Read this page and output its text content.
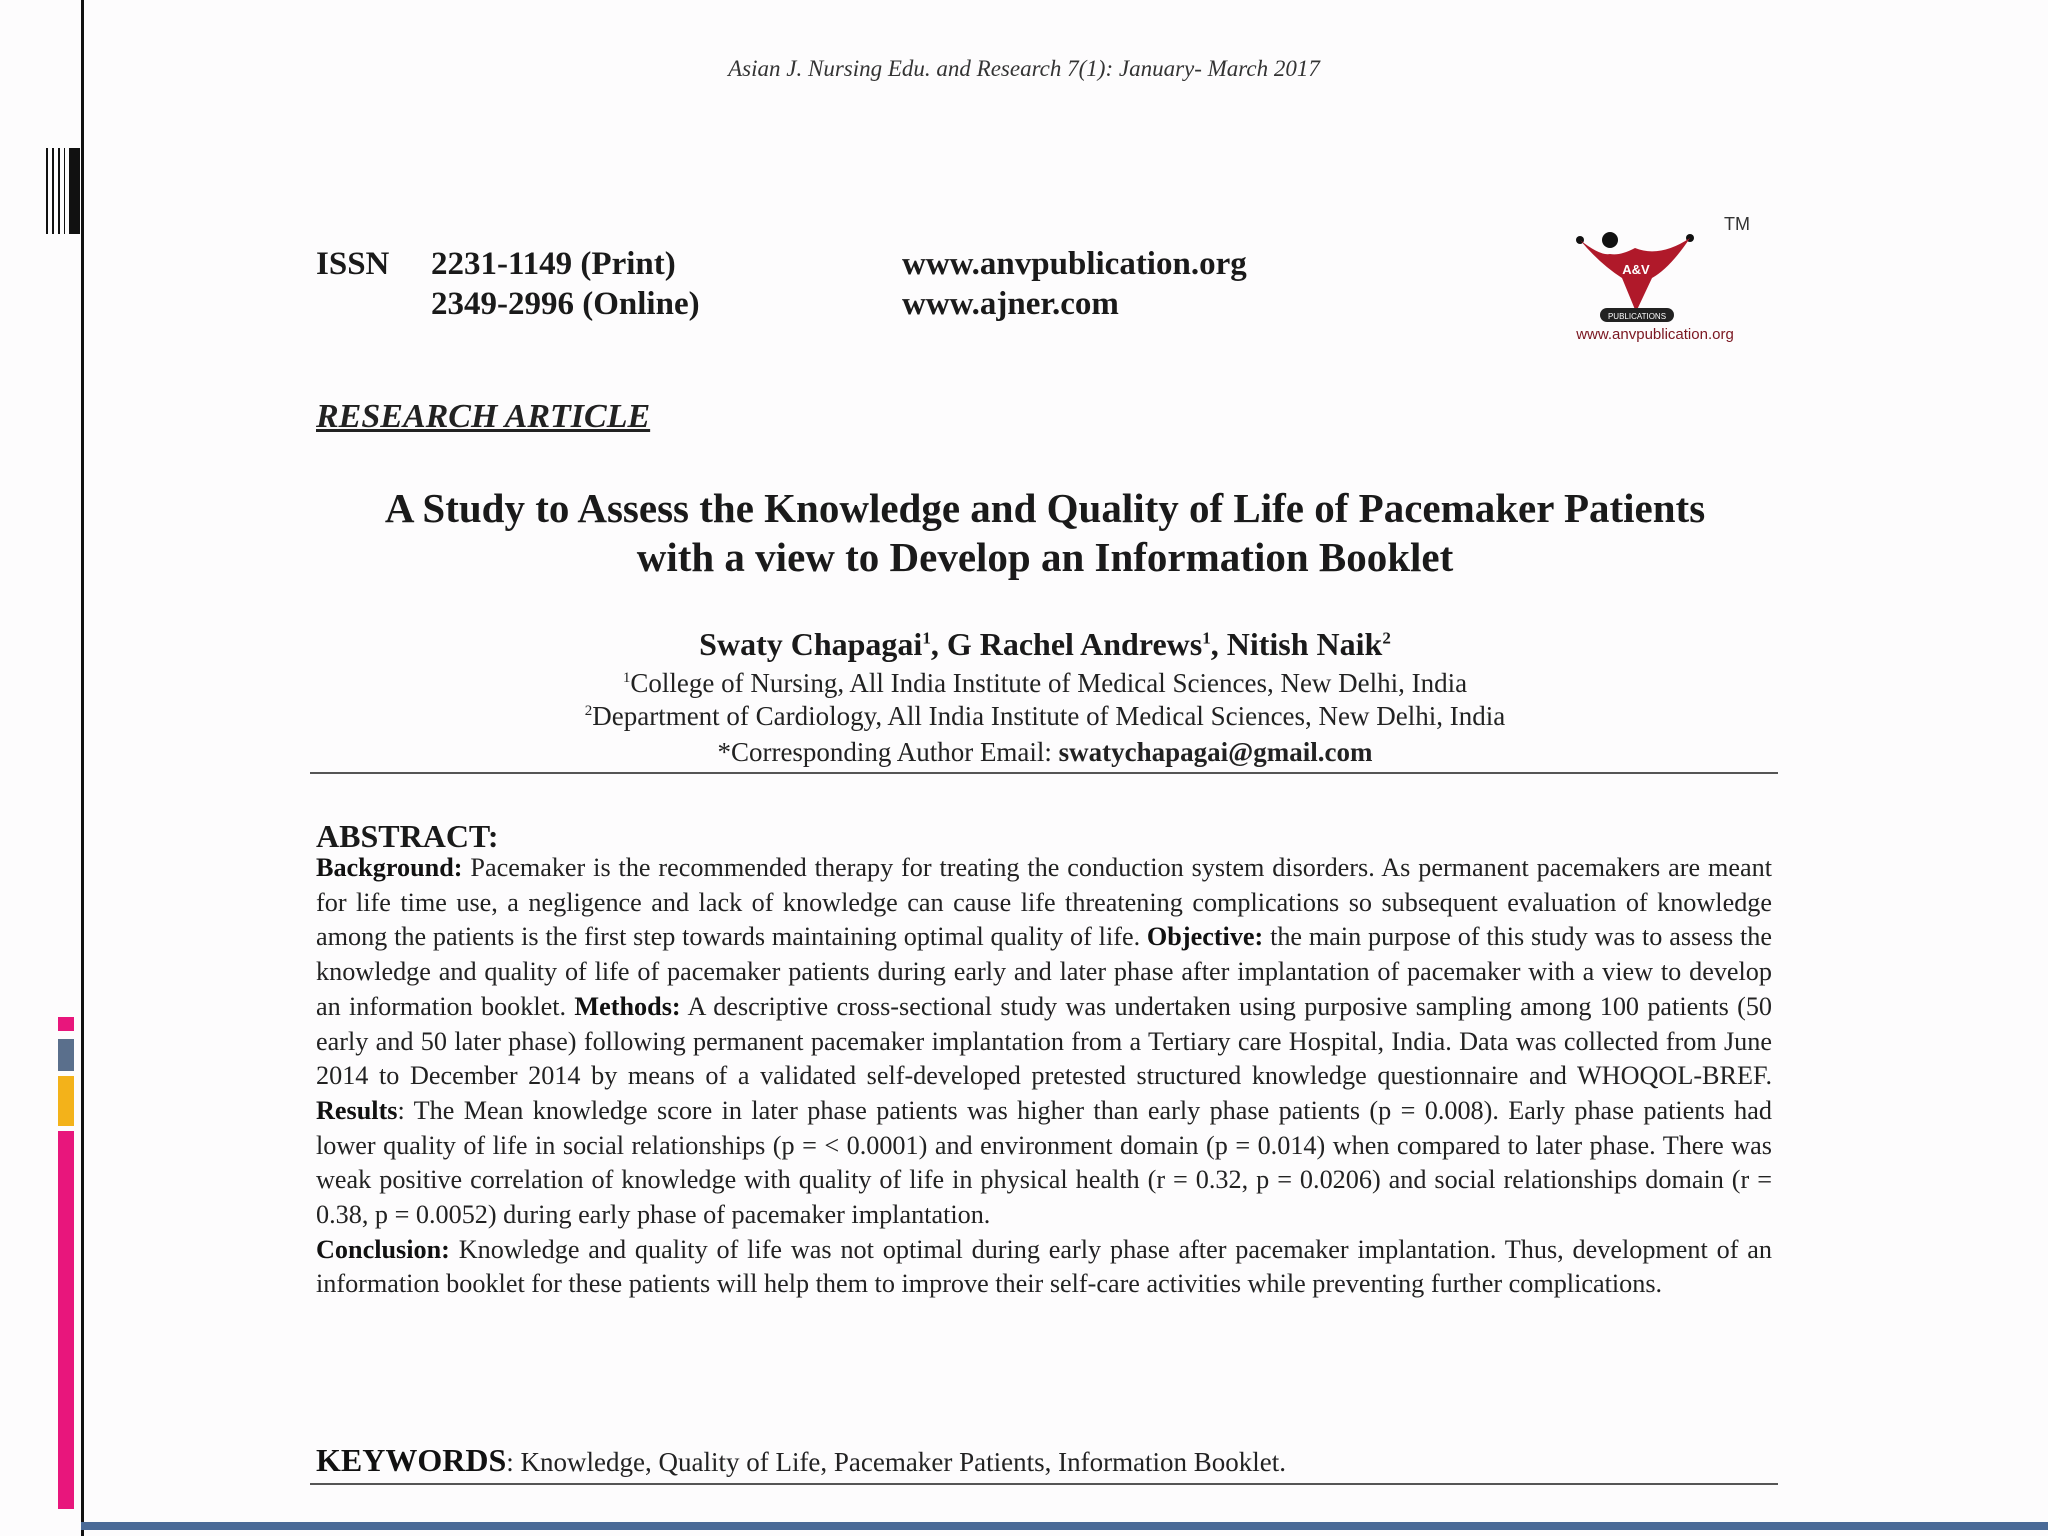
Asian J. Nursing Edu. and Research 7(1): January- March 2017
ISSN 2231-1149 (Print)
2349-2996 (Online)
www.anvpublication.org
www.ajner.com
TM
A&V
PUBLICATIONS
www.anvpublication.org
RESEARCH ARTICLE
A Study to Assess the Knowledge and Quality of Life of Pacemaker Patients
with a view to Develop an Information Booklet
Swaty Chapagai$^1$, G Rachel Andrews$^1$, Nitish Naik$^2$
$^1$College of Nursing, All India Institute of Medical Sciences, New Delhi, India
$^2$Department of Cardiology, All India Institute of Medical Sciences, New Delhi, India
*Corresponding Author Email: swatychapagai@gmail.com
ABSTRACT:
Background: Pacemaker is the recommended therapy for treating the conduction system disorders. As permanent pacemakers are meant for life time use, a negligence and lack of knowledge can cause life threatening complications so subsequent evaluation of knowledge among the patients is the first step towards maintaining optimal quality of life. Objective: the main purpose of this study was to assess the knowledge and quality of life of pacemaker patients during early and later phase after implantation of pacemaker with a view to develop an information booklet. Methods: A descriptive cross-sectional study was undertaken using purposive sampling among 100 patients (50 early and 50 later phase) following permanent pacemaker implantation from a Tertiary care Hospital, India. Data was collected from June 2014 to December 2014 by means of a validated self-developed pretested structured knowledge questionnaire and WHOQOL-BREF. Results: The Mean knowledge score in later phase patients was higher than early phase patients (p = 0.008). Early phase patients had lower quality of life in social relationships (p = < 0.0001) and environment domain (p = 0.014) when compared to later phase. There was weak positive correlation of knowledge with quality of life in physical health (r = 0.32, p = 0.0206) and social relationships domain (r = 0.38, p = 0.0052) during early phase of pacemaker implantation.
Conclusion: Knowledge and quality of life was not optimal during early phase after pacemaker implantation. Thus, development of an information booklet for these patients will help them to improve their self-care activities while preventing further complications.
KEYWORDS: Knowledge, Quality of Life, Pacemaker Patients, Information Booklet.
